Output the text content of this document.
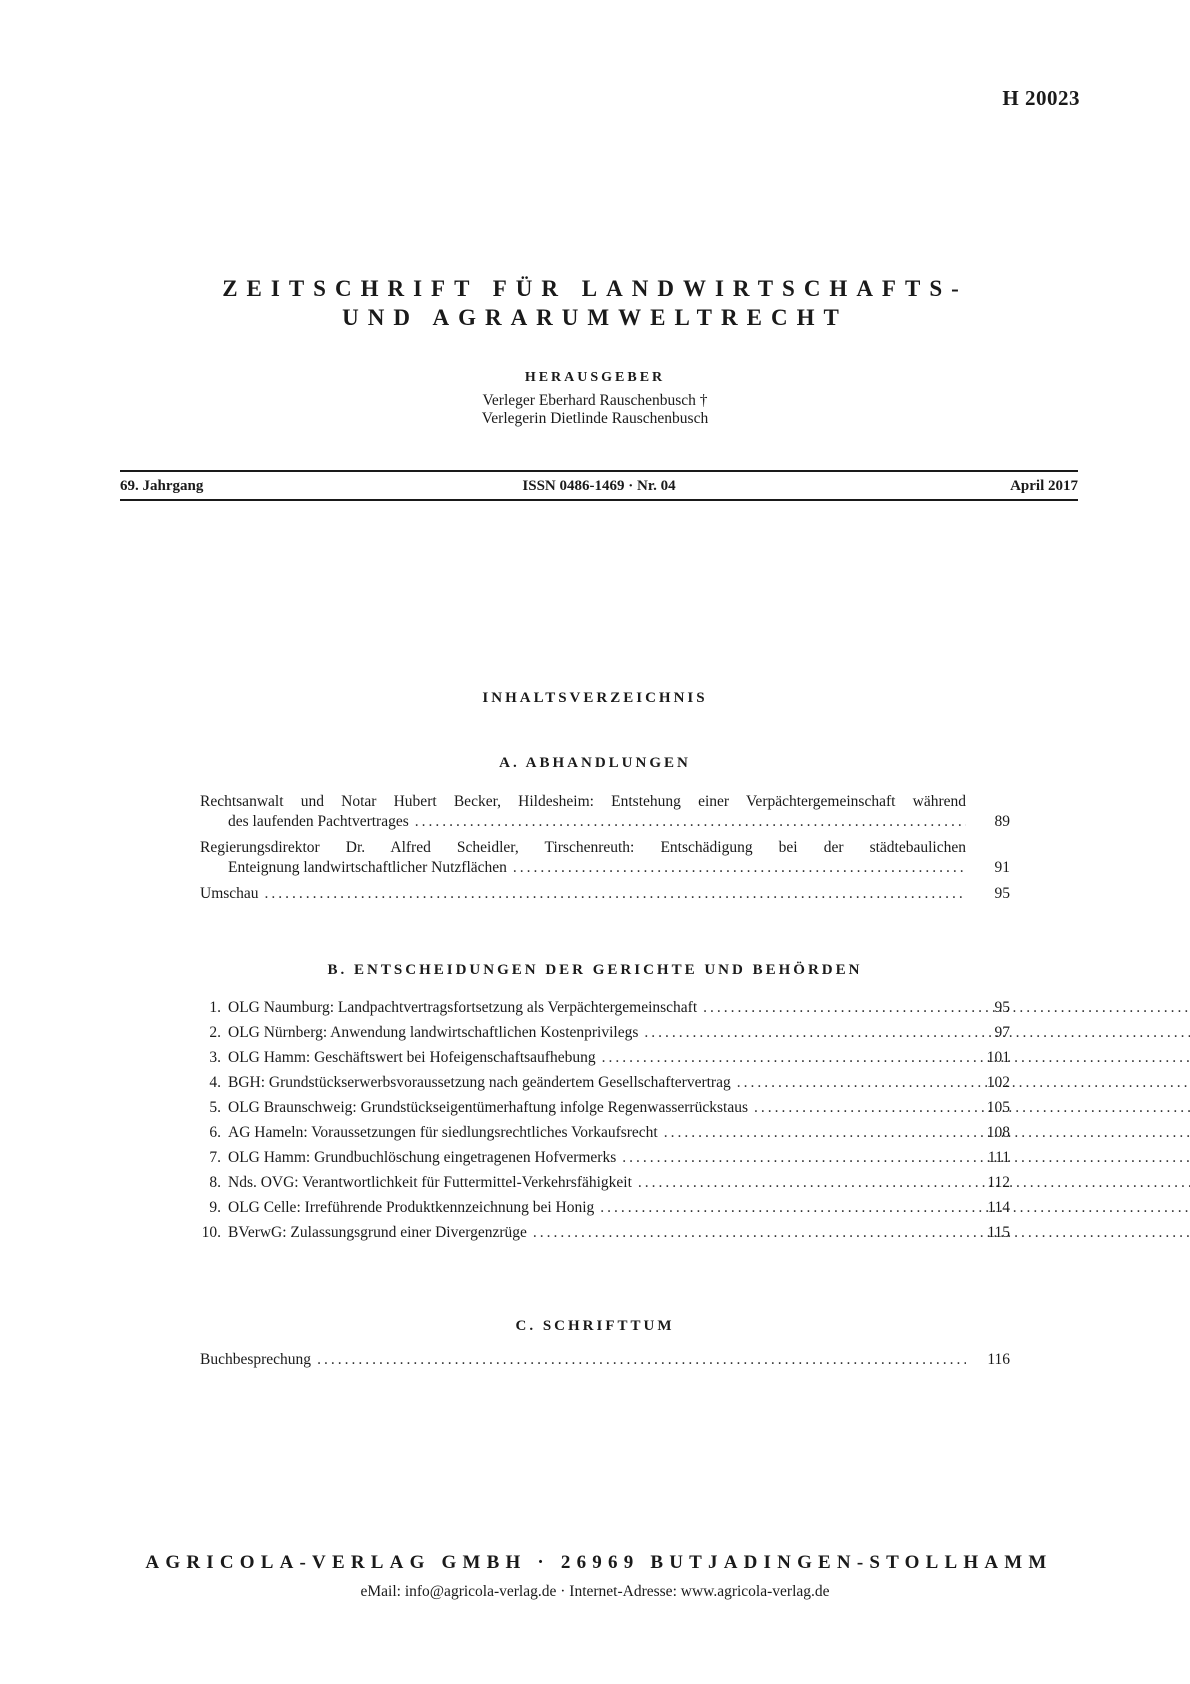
H 20023
ZEITSCHRIFT FÜR LANDWIRTSCHAFTS-
UND AGRARUMWELTRECHT
HERAUSGEBER
Verleger Eberhard Rauschenbusch †
Verlegerin Dietlinde Rauschenbusch
ISSN 0486-1469 · Nr. 04
69. Jahrgang	April 2017
INHALTSVERZEICHNIS
A. ABHANDLUNGEN
Rechtsanwalt und Notar Hubert Becker, Hildesheim: Entstehung einer Verpächtergemeinschaft während
des laufenden Pachtvertrages .....	89
Regierungsdirektor Dr. Alfred Scheidler, Tirschenreuth: Entschädigung bei der städtebaulichen
Enteignung landwirtschaftlicher Nutzflächen .....	91
Umschau .....	95
B. ENTSCHEIDUNGEN DER GERICHTE UND BEHÖRDEN
1. OLG Naumburg: Landpachtvertragsfortsetzung als Verpächtergemeinschaft .....	95
2. OLG Nürnberg: Anwendung landwirtschaftlichen Kostenprivilegs .....	97
3. OLG Hamm: Geschäftswert bei Hofeigenschaftsaufhebung .....	101
4. BGH: Grundstückserwerbsvoraussetzung nach geändertem Gesellschaftervertrag .....	102
5. OLG Braunschweig: Grundstückseigentümerhaftung infolge Regenwasserrückstaus .....	105
6. AG Hameln: Voraussetzungen für siedlungsrechtliches Vorkaufsrecht .....	108
7. OLG Hamm: Grundbuchlöschung eingetragenen Hofvermerks .....	111
8. Nds. OVG: Verantwortlichkeit für Futtermittel-Verkehrsfähigkeit .....	112
9. OLG Celle: Irreführende Produktkennzeichnung bei Honig .....	114
10. BVerwG: Zulassungsgrund einer Divergenzrüge .....	115
C. SCHRIFTTUM
Buchbesprechung .....	116
AGRICOLA-VERLAG GMBH · 26969 BUTJADINGEN-STOLLHAMM
eMail: info@agricola-verlag.de · Internet-Adresse: www.agricola-verlag.de
